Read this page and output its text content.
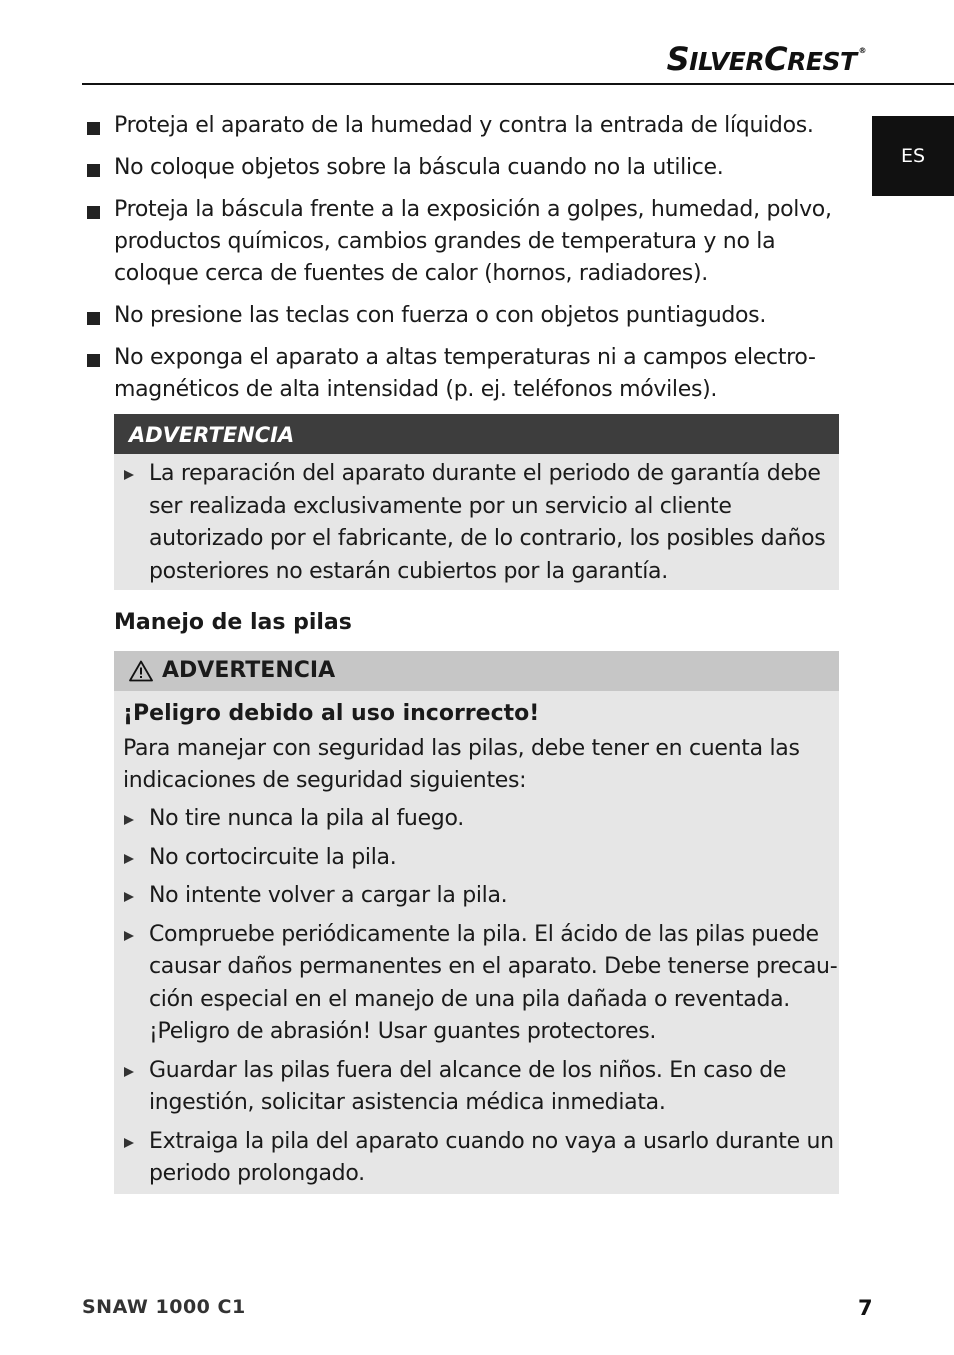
SILVERCREST ®
ES
Proteja el aparato de la humedad y contra la entrada de líquidos.
No coloque objetos sobre la báscula cuando no la utilice.
Proteja la báscula frente a la exposición a golpes, humedad, polvo, productos químicos, cambios grandes de temperatura y no la coloque cerca de fuentes de calor (hornos, radiadores).
No presione las teclas con fuerza o con objetos puntiagudos.
No exponga el aparato a altas temperaturas ni a campos electro-magnéticos de alta intensidad (p. ej. teléfonos móviles).
ADVERTENCIA
La reparación del aparato durante el periodo de garantía debe ser realizada exclusivamente por un servicio al cliente autorizado por el fabricante, de lo contrario, los posibles daños posteriores no estarán cubiertos por la garantía.
Manejo de las pilas
ADVERTENCIA
¡Peligro debido al uso incorrecto!
Para manejar con seguridad las pilas, debe tener en cuenta las indicaciones de seguridad siguientes:
No tire nunca la pila al fuego.
No cortocircuite la pila.
No intente volver a cargar la pila.
Compruebe periódicamente la pila. El ácido de las pilas puede causar daños permanentes en el aparato. Debe tenerse precau-ción especial en el manejo de una pila dañada o reventada. ¡Peligro de abrasión! Usar guantes protectores.
Guardar las pilas fuera del alcance de los niños. En caso de ingestión, solicitar asistencia médica inmediata.
Extraiga la pila del aparato cuando no vaya a usarlo durante un periodo prolongado.
SNAW 1000 C1	7
